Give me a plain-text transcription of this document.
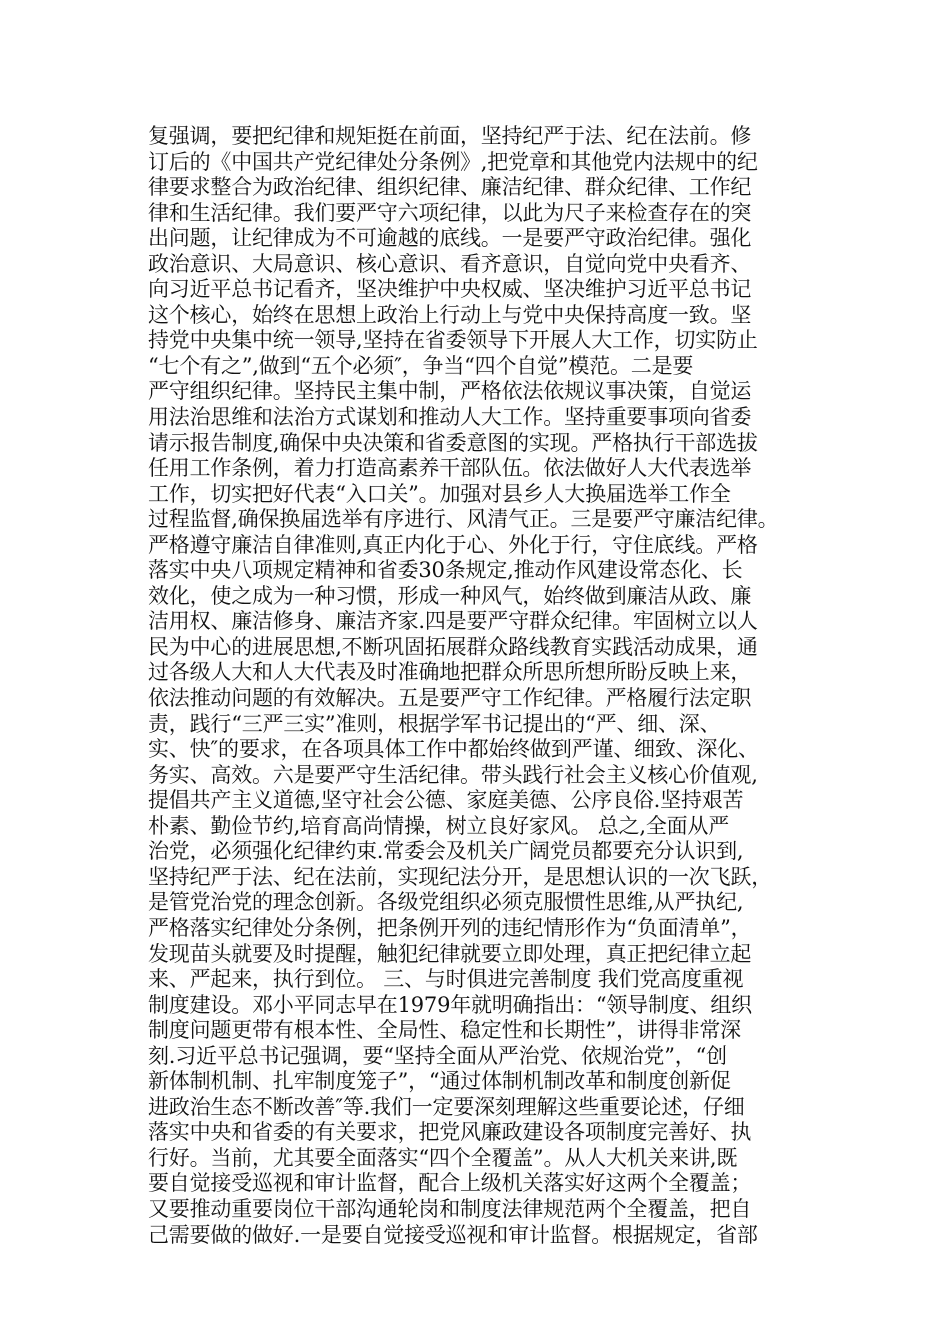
复强调，要把纪律和规矩挺在前面，坚持纪严于法、纪在法前。修
订后的《中国共产党纪律处分条例》,把党章和其他党内法规中的纪
律要求整合为政治纪律、组织纪律、廉洁纪律、群众纪律、工作纪
律和生活纪律。我们要严守六项纪律，以此为尺子来检查存在的突
出问题，让纪律成为不可逾越的底线。一是要严守政治纪律。强化
政治意识、大局意识、核心意识、看齐意识，自觉向党中央看齐、
向习近平总书记看齐，坚决维护中央权威、坚决维护习近平总书记
这个核心，始终在思想上政治上行动上与党中央保持高度一致。坚
持党中央集中统一领导,坚持在省委领导下开展人大工作，切实防止
“七个有之”,做到“五个必须″，争当“四个自觉”模范。二是要
严守组织纪律。坚持民主集中制，严格依法依规议事决策，自觉运
用法治思维和法治方式谋划和推动人大工作。坚持重要事项向省委
请示报告制度,确保中央决策和省委意图的实现。严格执行干部选拔
任用工作条例，着力打造高素养干部队伍。依法做好人大代表选举
工作，切实把好代表“入口关”。加强对县乡人大换届选举工作全
过程监督,确保换届选举有序进行、风清气正。三是要严守廉洁纪律。
严格遵守廉洁自律准则,真正内化于心、外化于行，守住底线。严格
落实中央八项规定精神和省委30条规定,推动作风建设常态化、长
效化，使之成为一种习惯，形成一种风气，始终做到廉洁从政、廉
洁用权、廉洁修身、廉洁齐家.四是要严守群众纪律。牢固树立以人
民为中心的进展思想,不断巩固拓展群众路线教育实践活动成果，通
过各级人大和人大代表及时准确地把群众所思所想所盼反映上来，
依法推动问题的有效解决。五是要严守工作纪律。严格履行法定职
责，践行“三严三实”准则，根据学军书记提出的“严、细、深、
实、快″的要求，在各项具体工作中都始终做到严谨、细致、深化、
务实、高效。六是要严守生活纪律。带头践行社会主义核心价值观,
提倡共产主义道德,坚守社会公德、家庭美德、公序良俗.坚持艰苦
朴素、勤俭节约,培育高尚情操，树立良好家风。 总之,全面从严
治党，必须强化纪律约束.常委会及机关广阔党员都要充分认识到,
坚持纪严于法、纪在法前，实现纪法分开，是思想认识的一次飞跃，
是管党治党的理念创新。各级党组织必须克服惯性思维,从严执纪,
严格落实纪律处分条例，把条例开列的违纪情形作为“负面清单”，
发现苗头就要及时提醒，触犯纪律就要立即处理，真正把纪律立起
来、严起来，执行到位。 三、与时俱进完善制度 我们党高度重视
制度建设。邓小平同志早在1979年就明确指出：“领导制度、组织
制度问题更带有根本性、全局性、稳定性和长期性”，讲得非常深
刻.习近平总书记强调，要“坚持全面从严治党、依规治党”，“创
新体制机制、扎牢制度笼子”，“通过体制机制改革和制度创新促
进政治生态不断改善″等.我们一定要深刻理解这些重要论述，仔细
落实中央和省委的有关要求，把党风廉政建设各项制度完善好、执
行好。当前，尤其要全面落实“四个全覆盖”。从人大机关来讲,既
要自觉接受巡视和审计监督，配合上级机关落实好这两个全覆盖；
又要推动重要岗位干部沟通轮岗和制度法律规范两个全覆盖，把自
己需要做的做好.一是要自觉接受巡视和审计监督。根据规定，省部
